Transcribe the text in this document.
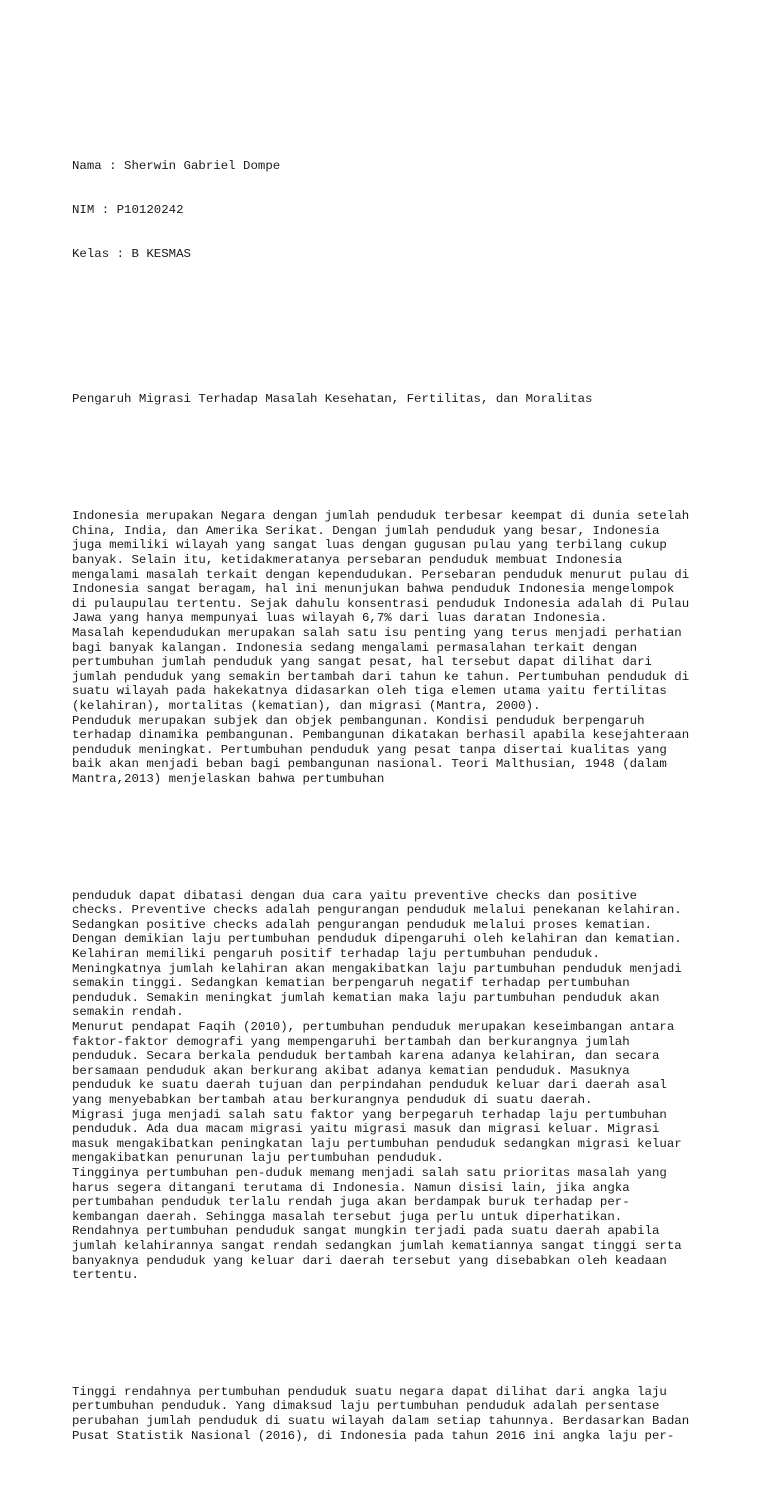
Nama : Sherwin Gabriel Dompe

NIM : P10120242

Kelas : B KESMAS

Pengaruh Migrasi Terhadap Masalah Kesehatan, Fertilitas, dan Moralitas

Indonesia merupakan Negara dengan jumlah penduduk terbesar keempat di dunia setelah
China, India, dan Amerika Serikat. Dengan jumlah penduduk yang besar, Indonesia
juga memiliki wilayah yang sangat luas dengan gugusan pulau yang terbilang cukup
banyak. Selain itu, ketidakmeratanya persebaran penduduk membuat Indonesia
mengalami masalah terkait dengan kependudukan. Persebaran penduduk menurut pulau di
Indonesia sangat beragam, hal ini menunjukan bahwa penduduk Indonesia mengelompok
di pulaupulau tertentu. Sejak dahulu konsentrasi penduduk Indonesia adalah di Pulau
Jawa yang hanya mempunyai luas wilayah 6,7% dari luas daratan Indonesia.
Masalah kependudukan merupakan salah satu isu penting yang terus menjadi perhatian
bagi banyak kalangan. Indonesia sedang mengalami permasalahan terkait dengan
pertumbuhan jumlah penduduk yang sangat pesat, hal tersebut dapat dilihat dari
jumlah penduduk yang semakin bertambah dari tahun ke tahun. Pertumbuhan penduduk di
suatu wilayah pada hakekatnya didasarkan oleh tiga elemen utama yaitu fertilitas
(kelahiran), mortalitas (kematian), dan migrasi (Mantra, 2000).
Penduduk merupakan subjek dan objek pembangunan. Kondisi penduduk berpengaruh
terhadap dinamika pembangunan. Pembangunan dikatakan berhasil apabila kesejahteraan
penduduk meningkat. Pertumbuhan penduduk yang pesat tanpa disertai kualitas yang
baik akan menjadi beban bagi pembangunan nasional. Teori Malthusian, 1948 (dalam
Mantra,2013) menjelaskan bahwa pertumbuhan

penduduk dapat dibatasi dengan dua cara yaitu preventive checks dan positive
checks. Preventive checks adalah pengurangan penduduk melalui penekanan kelahiran.
Sedangkan positive checks adalah pengurangan penduduk melalui proses kematian.
Dengan demikian laju pertumbuhan penduduk dipengaruhi oleh kelahiran dan kematian.
Kelahiran memiliki pengaruh positif terhadap laju pertumbuhan penduduk.
Meningkatnya jumlah kelahiran akan mengakibatkan laju partumbuhan penduduk menjadi
semakin tinggi. Sedangkan kematian berpengaruh negatif terhadap pertumbuhan
penduduk. Semakin meningkat jumlah kematian maka laju partumbuhan penduduk akan
semakin rendah.
Menurut pendapat Faqih (2010), pertumbuhan penduduk merupakan keseimbangan antara
faktor-faktor demografi yang mempengaruhi bertambah dan berkurangnya jumlah
penduduk. Secara berkala penduduk bertambah karena adanya kelahiran, dan secara
bersamaan penduduk akan berkurang akibat adanya kematian penduduk. Masuknya
penduduk ke suatu daerah tujuan dan perpindahan penduduk keluar dari daerah asal
yang menyebabkan bertambah atau berkurangnya penduduk di suatu daerah.
Migrasi juga menjadi salah satu faktor yang berpegaruh terhadap laju pertumbuhan
penduduk. Ada dua macam migrasi yaitu migrasi masuk dan migrasi keluar. Migrasi
masuk mengakibatkan peningkatan laju pertumbuhan penduduk sedangkan migrasi keluar
mengakibatkan penurunan laju pertumbuhan penduduk.
Tingginya pertumbuhan pen-duduk memang menjadi salah satu prioritas masalah yang
harus segera ditangani terutama di Indonesia. Namun disisi lain, jika angka
pertumbahan penduduk terlalu rendah juga akan berdampak buruk terhadap per-
kembangan daerah. Sehingga masalah tersebut juga perlu untuk diperhatikan.
Rendahnya pertumbuhan penduduk sangat mungkin terjadi pada suatu daerah apabila
jumlah kelahirannya sangat rendah sedangkan jumlah kematiannya sangat tinggi serta
banyaknya penduduk yang keluar dari daerah tersebut yang disebabkan oleh keadaan
tertentu.

Tinggi rendahnya pertumbuhan penduduk suatu negara dapat dilihat dari angka laju
pertumbuhan penduduk. Yang dimaksud laju pertumbuhan penduduk adalah persentase
perubahan jumlah penduduk di suatu wilayah dalam setiap tahunnya. Berdasarkan Badan
Pusat Statistik Nasional (2016), di Indonesia pada tahun 2016 ini angka laju per-
